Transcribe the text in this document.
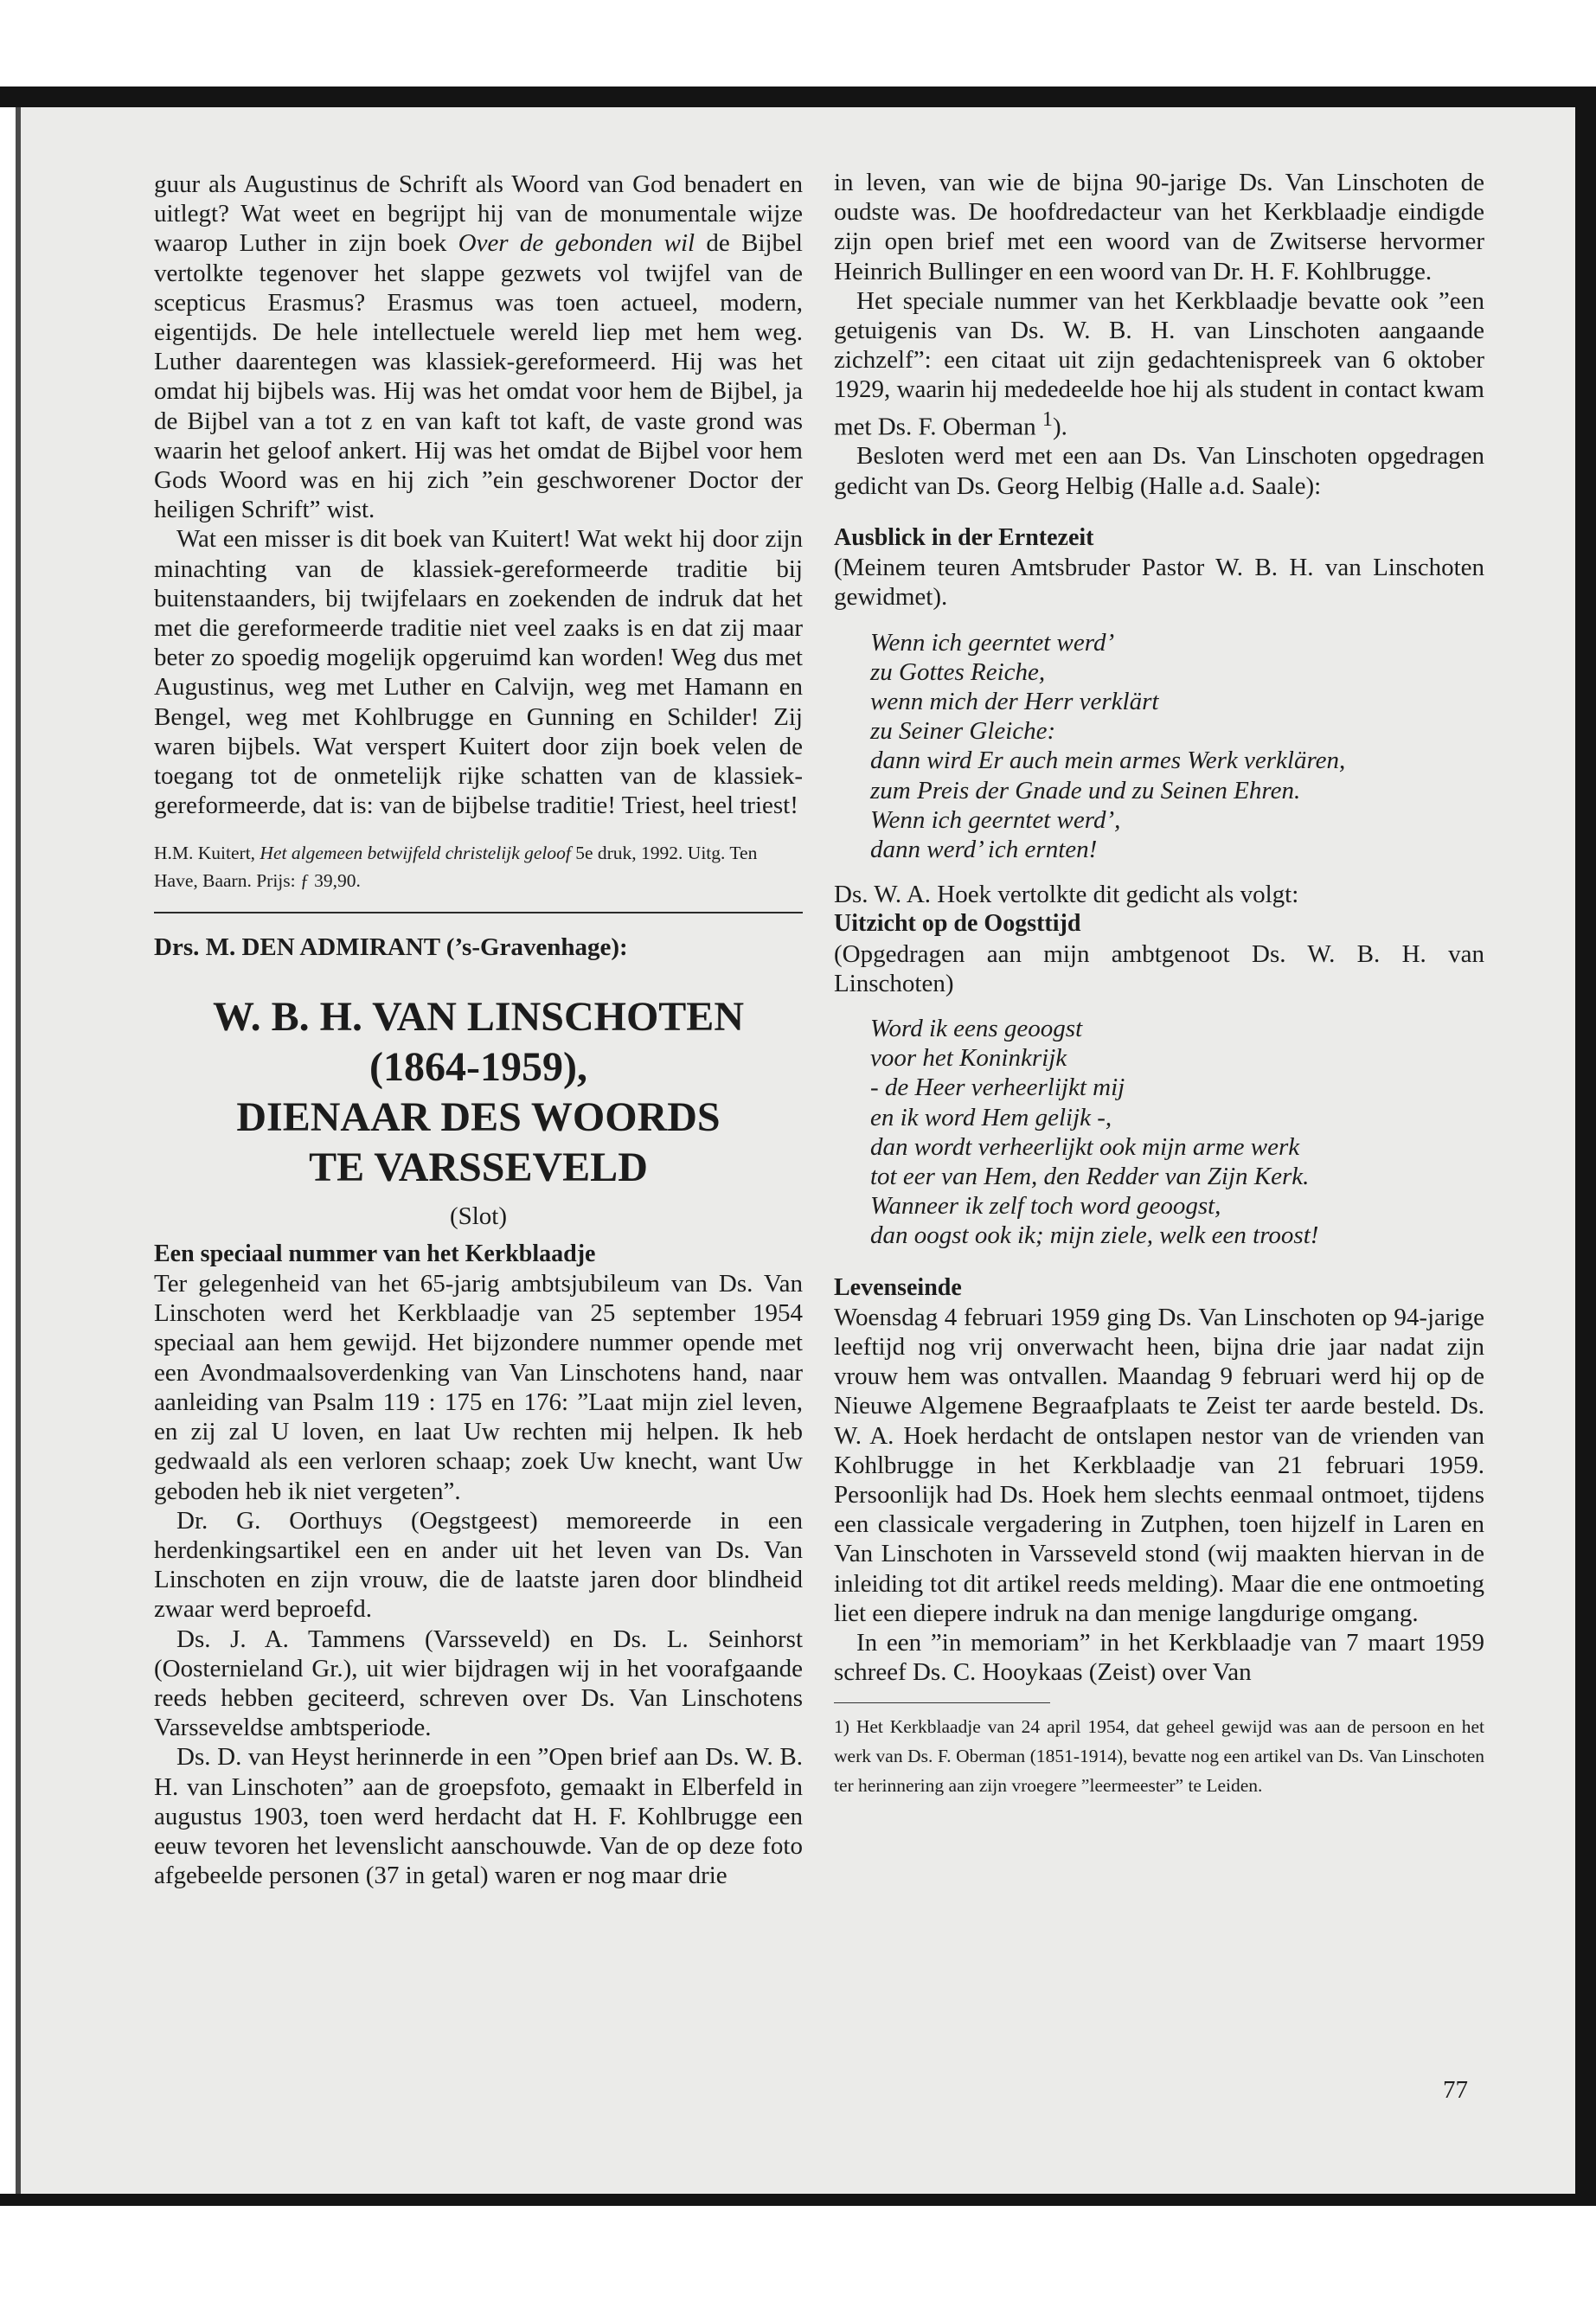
guur als Augustinus de Schrift als Woord van God benadert en uitlegt? Wat weet en begrijpt hij van de monumentale wijze waarop Luther in zijn boek Over de gebonden wil de Bijbel vertolkte tegenover het slappe gezwets vol twijfel van de scepticus Erasmus? Erasmus was toen actueel, modern, eigentijds. De hele intellectuele wereld liep met hem weg. Luther daarentegen was klassiek-gereformeerd. Hij was het omdat hij bijbels was. Hij was het omdat voor hem de Bijbel, ja de Bijbel van a tot z en van kaft tot kaft, de vaste grond was waarin het geloof ankert. Hij was het omdat de Bijbel voor hem Gods Woord was en hij zich ”ein geschworener Doctor der heiligen Schrift” wist.

Wat een misser is dit boek van Kuitert! Wat wekt hij door zijn minachting van de klassiek-gereformeerde traditie bij buitenstaanders, bij twijfelaars en zoekenden de indruk dat het met die gereformeerde traditie niet veel zaaks is en dat zij maar beter zo spoedig mogelijk opgeruimd kan worden! Weg dus met Augustinus, weg met Luther en Calvijn, weg met Hamann en Bengel, weg met Kohlbrugge en Gunning en Schilder! Zij waren bijbels. Wat verspert Kuitert door zijn boek velen de toegang tot de onmetelijk rijke schatten van de klassiek-gereformeerde, dat is: van de bijbelse traditie! Triest, heel triest!

H.M. Kuitert, Het algemeen betwijfeld christelijk geloof 5e druk, 1992. Uitg. Ten Have, Baarn. Prijs: ƒ 39,90.

Drs. M. DEN ADMIRANT (’s-Gravenhage):

W. B. H. VAN LINSCHOTEN

(1864-1959),

DIENAAR DES WOORDS

TE VARSSEVELD

(Slot)

Een speciaal nummer van het Kerkblaadje

Ter gelegenheid van het 65-jarig ambtsjubileum van Ds. Van Linschoten werd het Kerkblaadje van 25 september 1954 speciaal aan hem gewijd. Het bijzondere nummer opende met een Avondmaalsoverdenking van Van Linschotens hand, naar aanleiding van Psalm 119 : 175 en 176: ”Laat mijn ziel leven, en zij zal U loven, en laat Uw rechten mij helpen. Ik heb gedwaald als een verloren schaap; zoek Uw knecht, want Uw geboden heb ik niet vergeten”.

Dr. G. Oorthuys (Oegstgeest) memoreerde in een herdenkingsartikel een en ander uit het leven van Ds. Van Linschoten en zijn vrouw, die de laatste jaren door blindheid zwaar werd beproefd.

Ds. J. A. Tammens (Varsseveld) en Ds. L. Seinhorst (Oosternieland Gr.), uit wier bijdragen wij in het voorafgaande reeds hebben geciteerd, schreven over Ds. Van Linschotens Varsseveldse ambtsperiode.

Ds. D. van Heyst herinnerde in een ”Open brief aan Ds. W. B. H. van Linschoten” aan de groepsfoto, gemaakt in Elberfeld in augustus 1903, toen werd herdacht dat H. F. Kohlbrugge een eeuw tevoren het levenslicht aanschouwde. Van de op deze foto afgebeelde personen (37 in getal) waren er nog maar drie

in leven, van wie de bijna 90-jarige Ds. Van Linschoten de oudste was. De hoofdredacteur van het Kerkblaadje eindigde zijn open brief met een woord van de Zwitserse hervormer Heinrich Bullinger en een woord van Dr. H. F. Kohlbrugge.

Het speciale nummer van het Kerkblaadje bevatte ook ”een getuigenis van Ds. W. B. H. van Linschoten aangaande zichzelf”: een citaat uit zijn gedachtenispreek van 6 oktober 1929, waarin hij mededeelde hoe hij als student in contact kwam met Ds. F. Oberman $^1$).

Besloten werd met een aan Ds. Van Linschoten opgedragen gedicht van Ds. Georg Helbig (Halle a.d. Saale):

Ausblick in der Erntezeit

(Meinem teuren Amtsbruder Pastor W. B. H. van Linschoten gewidmet).

Wenn ich geerntet werd’
zu Gottes Reiche,
wenn mich der Herr verklärt
zu Seiner Gleiche:
dann wird Er auch mein armes Werk verklären,
zum Preis der Gnade und zu Seinen Ehren.
Wenn ich geerntet werd’,
dann werd’ ich ernten!

Ds. W. A. Hoek vertolkte dit gedicht als volgt:

Uitzicht op de Oogsttijd

(Opgedragen aan mijn ambtgenoot Ds. W. B. H. van Linschoten)

Word ik eens geoogst
voor het Koninkrijk
- de Heer verheerlijkt mij
en ik word Hem gelijk -,
dan wordt verheerlijkt ook mijn arme werk
tot eer van Hem, den Redder van Zijn Kerk.
Wanneer ik zelf toch word geoogst,
dan oogst ook ik; mijn ziele, welk een troost!

Levenseinde

Woensdag 4 februari 1959 ging Ds. Van Linschoten op 94-jarige leeftijd nog vrij onverwacht heen, bijna drie jaar nadat zijn vrouw hem was ontvallen. Maandag 9 februari werd hij op de Nieuwe Algemene Begraafplaats te Zeist ter aarde besteld. Ds. W. A. Hoek herdacht de ontslapen nestor van de vrienden van Kohlbrugge in het Kerkblaadje van 21 februari 1959. Persoonlijk had Ds. Hoek hem slechts eenmaal ontmoet, tijdens een classicale vergadering in Zutphen, toen hijzelf in Laren en Van Linschoten in Varsseveld stond (wij maakten hiervan in de inleiding tot dit artikel reeds melding). Maar die ene ontmoeting liet een diepere indruk na dan menige langdurige omgang.

In een ”in memoriam” in het Kerkblaadje van 7 maart 1959 schreef Ds. C. Hooykaas (Zeist) over Van

1) Het Kerkblaadje van 24 april 1954, dat geheel gewijd was aan de persoon en het werk van Ds. F. Oberman (1851-1914), bevatte nog een artikel van Ds. Van Linschoten ter herinnering aan zijn vroegere ”leermeester” te Leiden.

77
